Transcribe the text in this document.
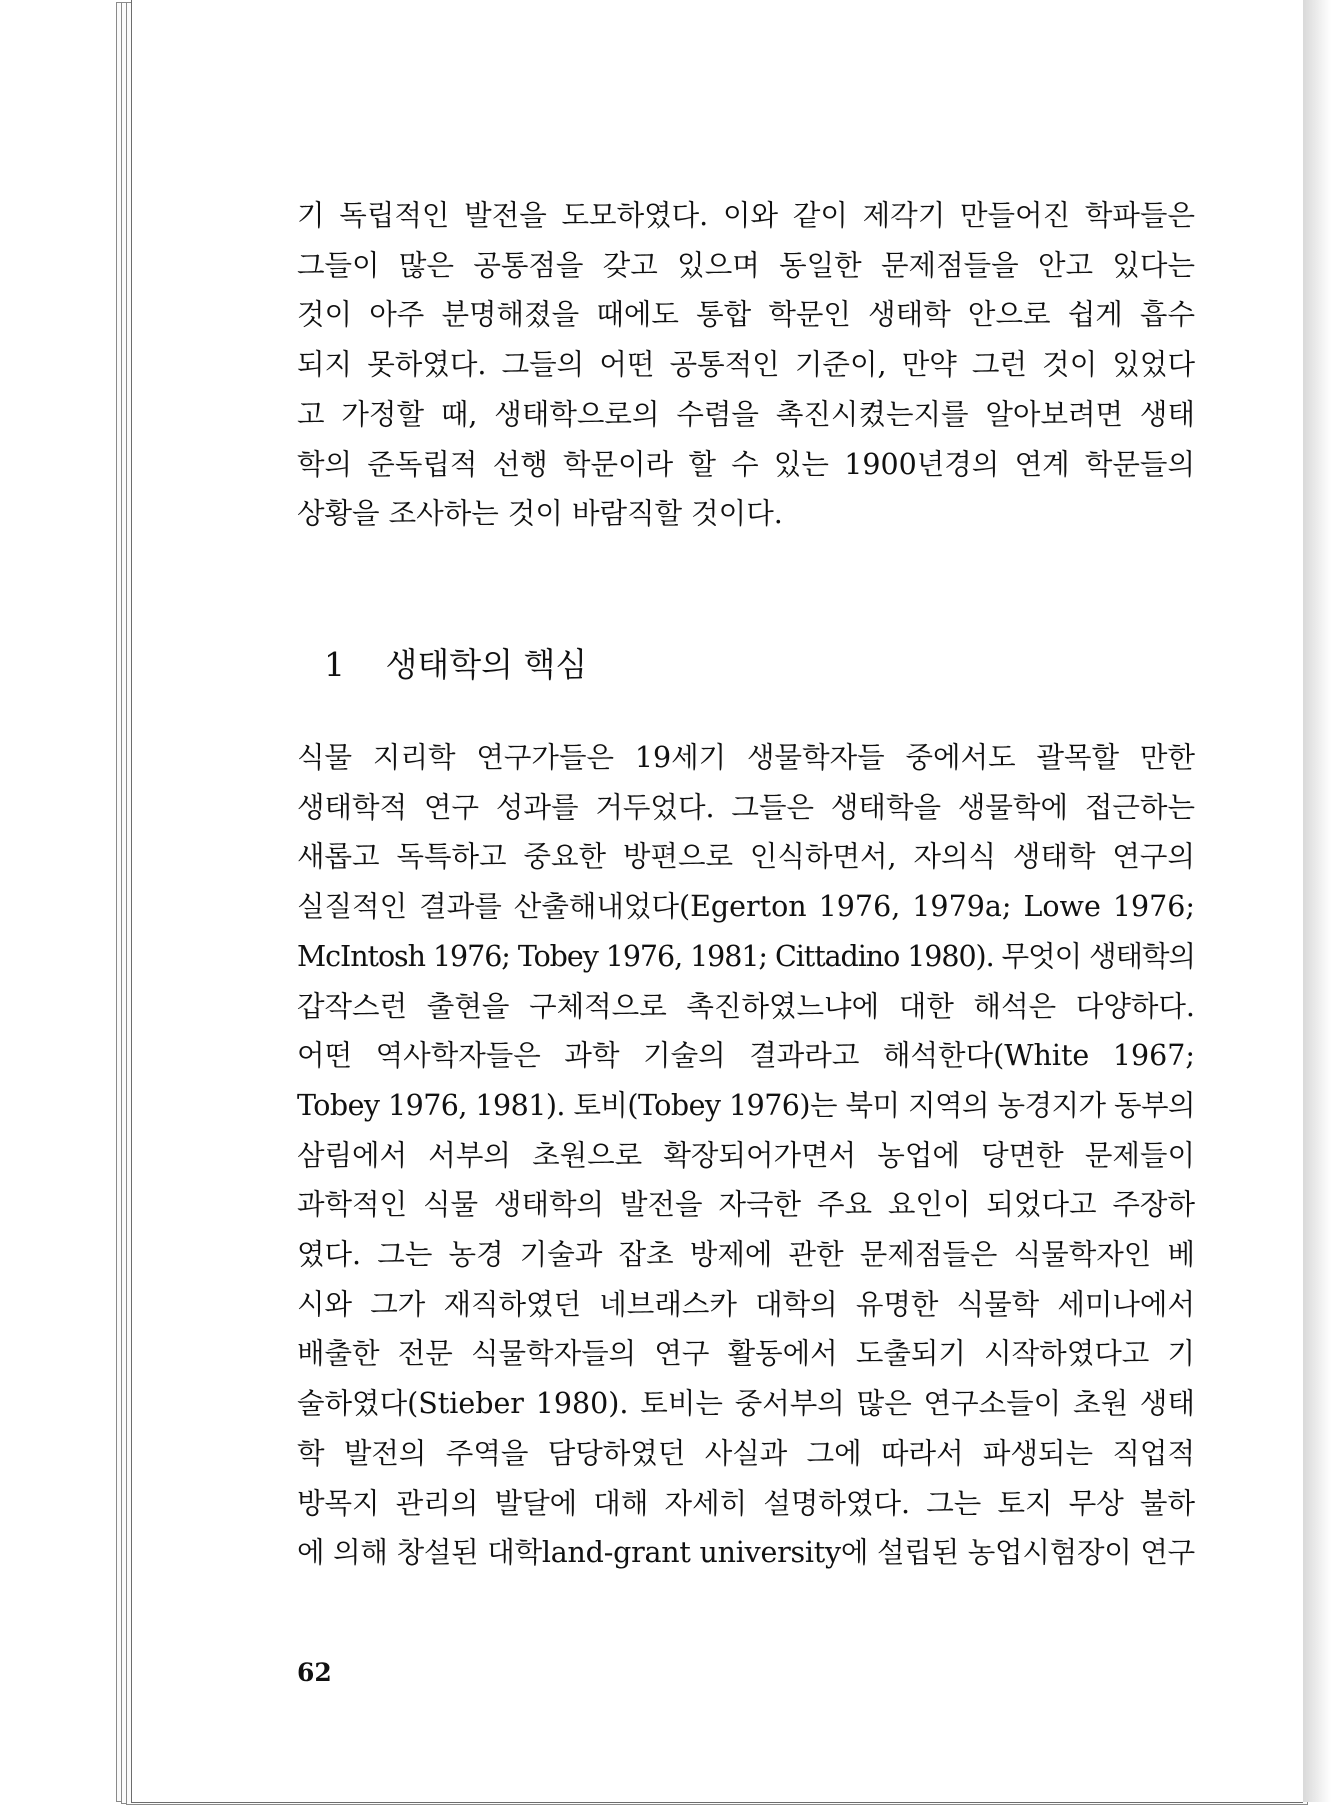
기 독립적인 발전을 도모하였다. 이와 같이 제각기 만들어진 학파들은
그들이 많은 공통점을 갖고 있으며 동일한 문제점들을 안고 있다는
것이 아주 분명해졌을 때에도 통합 학문인 생태학 안으로 쉽게 흡수
되지 못하였다. 그들의 어떤 공통적인 기준이, 만약 그런 것이 있었다
고 가정할 때, 생태학으로의 수렴을 촉진시켰는지를 알아보려면 생태
학의 준독립적 선행 학문이라 할 수 있는 1900년경의 연계 학문들의
상황을 조사하는 것이 바람직할 것이다.
1 생태학의 핵심
식물 지리학 연구가들은 19세기 생물학자들 중에서도 괄목할 만한
생태학적 연구 성과를 거두었다. 그들은 생태학을 생물학에 접근하는
새롭고 독특하고 중요한 방편으로 인식하면서, 자의식 생태학 연구의
실질적인 결과를 산출해내었다(Egerton 1976, 1979a; Lowe 1976;
McIntosh 1976; Tobey 1976, 1981; Cittadino 1980). 무엇이 생태학의
갑작스런 출현을 구체적으로 촉진하였느냐에 대한 해석은 다양하다.
어떤 역사학자들은 과학 기술의 결과라고 해석한다(White 1967;
Tobey 1976, 1981). 토비(Tobey 1976)는 북미 지역의 농경지가 동부의
삼림에서 서부의 초원으로 확장되어가면서 농업에 당면한 문제들이
과학적인 식물 생태학의 발전을 자극한 주요 요인이 되었다고 주장하
였다. 그는 농경 기술과 잡초 방제에 관한 문제점들은 식물학자인 베
시와 그가 재직하였던 네브래스카 대학의 유명한 식물학 세미나에서
배출한 전문 식물학자들의 연구 활동에서 도출되기 시작하였다고 기
술하였다(Stieber 1980). 토비는 중서부의 많은 연구소들이 초원 생태
학 발전의 주역을 담당하였던 사실과 그에 따라서 파생되는 직업적
방목지 관리의 발달에 대해 자세히 설명하였다. 그는 토지 무상 불하
에 의해 창설된 대학land-grant university에 설립된 농업시험장이 연구
62
